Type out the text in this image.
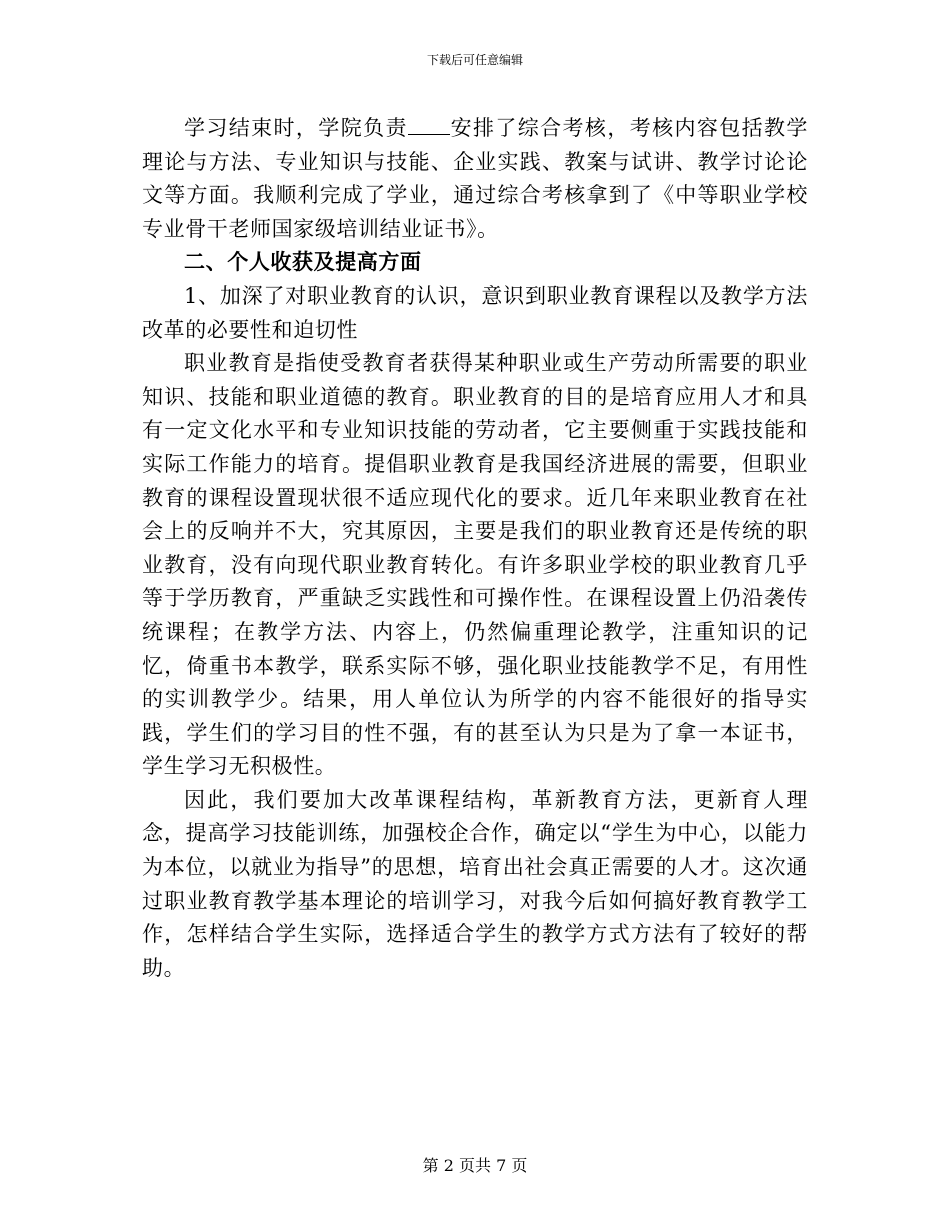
下载后可任意编辑

学习结束时，学院负责 安排了综合考核，考核内容包括教学理论与方法、专业知识与技能、企业实践、教案与试讲、教学讨论论文等方面。我顺利完成了学业，通过综合考核拿到了《中等职业学校专业骨干老师国家级培训结业证书》。

二、个人收获及提高方面

1、加深了对职业教育的认识，意识到职业教育课程以及教学方法改革的必要性和迫切性

职业教育是指使受教育者获得某种职业或生产劳动所需要的职业知识、技能和职业道德的教育。职业教育的目的是培育应用人才和具有一定文化水平和专业知识技能的劳动者，它主要侧重于实践技能和实际工作能力的培育。提倡职业教育是我国经济进展的需要，但职业教育的课程设置现状很不适应现代化的要求。近几年来职业教育在社会上的反响并不大，究其原因，主要是我们的职业教育还是传统的职业教育，没有向现代职业教育转化。有许多职业学校的职业教育几乎等于学历教育，严重缺乏实践性和可操作性。在课程设置上仍沿袭传统课程；在教学方法、内容上，仍然偏重理论教学，注重知识的记忆，倚重书本教学，联系实际不够，强化职业技能教学不足，有用性的实训教学少。结果，用人单位认为所学的内容不能很好的指导实践，学生们的学习目的性不强，有的甚至认为只是为了拿一本证书，学生学习无积极性。

因此，我们要加大改革课程结构，革新教育方法，更新育人理念，提高学习技能训练，加强校企合作，确定以“学生为中心，以能力为本位，以就业为指导”的思想，培育出社会真正需要的人才。这次通过职业教育教学基本理论的培训学习，对我今后如何搞好教育教学工作，怎样结合学生实际，选择适合学生的教学方式方法有了较好的帮助。

第 2 页共 7 页
